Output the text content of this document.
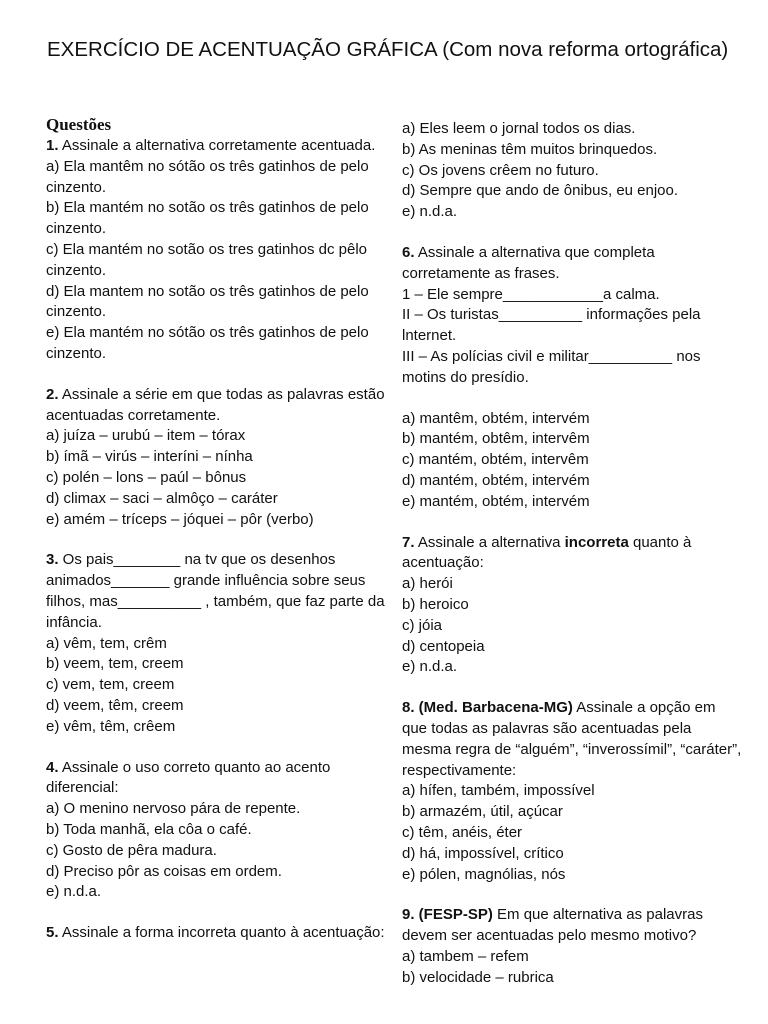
EXERCÍCIO DE ACENTUAÇÃO GRÁFICA (Com nova reforma ortográfica)

Questões

1. Assinale a alternativa corretamente acentuada.

a) Ela mantêm no sótão os três gatinhos de pelo cinzento.

b) Ela mantém no sotão os três gatinhos de pelo cinzento.

c) Ela mantém no sotão os tres gatinhos dc pêlo cinzento.

d) Ela mantem no sotão os três gatinhos de pelo cinzento.

e) Ela mantém no sótão os três gatinhos de pelo cinzento.

2. Assinale a série em que todas as palavras estão acentuadas corretamente.

a) juíza – urubú – item – tórax

b) ímã – virús – interíni – nínha

c) polén – lons – paúl – bônus

d) climax – saci – almôço – caráter

e) amém – tríceps – jóquei – pôr (verbo)

3. Os pais________ na tv que os desenhos animados_______ grande influência sobre seus filhos, mas__________ , também, que faz parte da infância.

a) vêm, tem, crêm

b) veem, tem, creem

c) vem, tem, creem

d) veem, têm, creem

e) vêm, têm, crêem

4. Assinale o uso correto quanto ao acento diferencial:

a) O menino nervoso pára de repente.

b) Toda manhã, ela côa o café.

c) Gosto de pêra madura.

d) Preciso pôr as coisas em ordem.

e) n.d.a.

5. Assinale a forma incorreta quanto à acentuação:

a) Eles leem o jornal todos os dias.

b) As meninas têm muitos brinquedos.

c) Os jovens crêem no futuro.

d) Sempre que ando de ônibus, eu enjoo.

e) n.d.a.

6. Assinale a alternativa que completa corretamente as frases.

1 – Ele sempre____________a calma.

II – Os turistas__________ informações pela lnternet.

III – As polícias civil e militar__________ nos motins do presídio.

a) mantêm, obtém, intervém

b) mantém, obtêm, intervêm

c) mantém, obtém, intervêm

d) mantém, obtém, intervém

e) mantém, obtém, intervém

7. Assinale a alternativa incorreta quanto à acentuação:

a) herói

b) heroico

c) jóia

d) centopeia

e) n.d.a.

8. (Med. Barbacena-MG) Assinale a opção em que todas as palavras são acentuadas pela mesma regra de “alguém”, “inverossímil”, “caráter”, respectivamente:

a) hífen, também, impossível

b) armazém, útil, açúcar

c) têm, anéis, éter

d) há, impossível, crítico

e) pólen, magnólias, nós

9. (FESP-SP) Em que alternativa as palavras devem ser acentuadas pelo mesmo motivo?

a) tambem – refem

b) velocidade – rubrica
